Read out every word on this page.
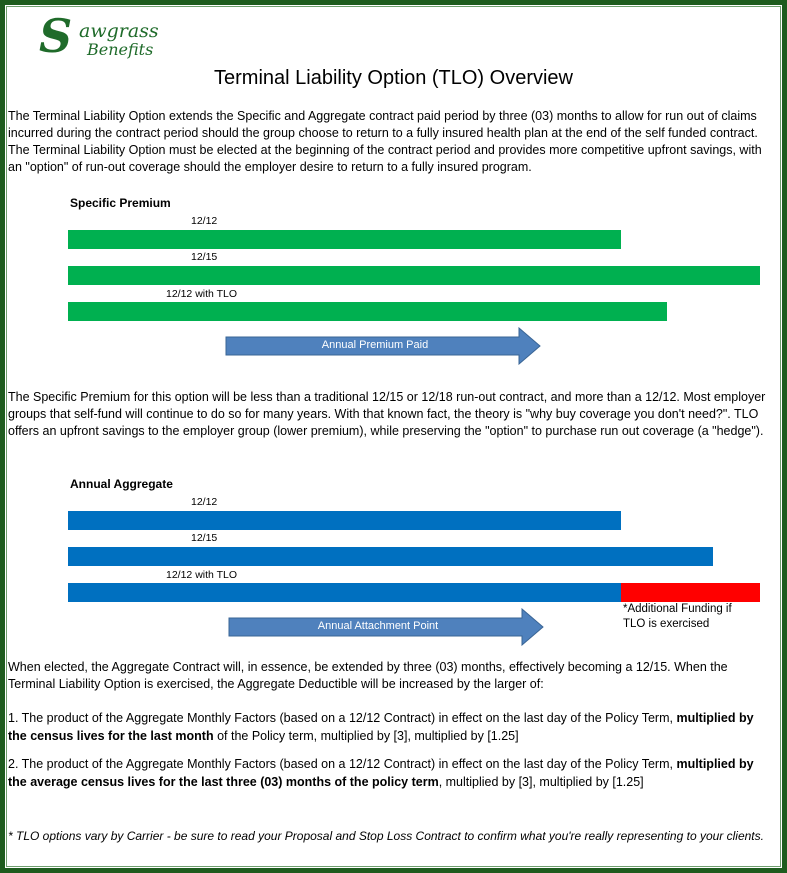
S awgrass
Benefits
Terminal Liability Option (TLO) Overview
The Terminal Liability Option extends the Specific and Aggregate contract paid period by three (03) months to allow for run out of claims incurred during the contract period should the group choose to return to a fully insured health plan at the end of the self funded contract. The Terminal Liability Option must be elected at the beginning of the contract period and provides more competitive upfront savings, with an "option" of run-out coverage should the employer desire to return to a fully insured program.
Specific Premium
12/12
12/15
12/12 with TLO
Annual Premium Paid
The Specific Premium for this option will be less than a traditional 12/15 or 12/18 run-out contract, and more than a 12/12. Most employer groups that self-fund will continue to do so for many years. With that known fact, the theory is "why buy coverage you don't need?". TLO offers an upfront savings to the employer group (lower premium), while preserving the "option" to purchase run out coverage (a "hedge").
Annual Aggregate
12/12
12/15
12/12 with TLO
*Additional Funding if
TLO is exercised
Annual Attachment Point
When elected, the Aggregate Contract will, in essence, be extended by three (03) months, effectively becoming a 12/15. When the Terminal Liability Option is exercised, the Aggregate Deductible will be increased by the larger of:
1. The product of the Aggregate Monthly Factors (based on a 12/12 Contract) in effect on the last day of the Policy Term, multiplied by the census lives for the last month of the Policy term, multiplied by [3], multiplied by [1.25]
2. The product of the Aggregate Monthly Factors (based on a 12/12 Contract) in effect on the last day of the Policy Term, multiplied by the average census lives for the last three (03) months of the policy term, multiplied by [3], multiplied by [1.25]
* TLO options vary by Carrier - be sure to read your Proposal and Stop Loss Contract to confirm what you're really representing to your clients.
